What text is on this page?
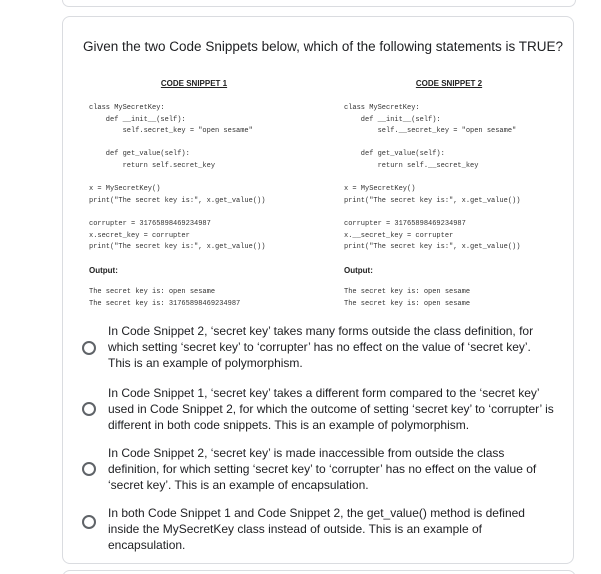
Given the two Code Snippets below, which of the following statements is TRUE?
CODE SNIPPET 1
class MySecretKey:
def __init__(self):
self.secret_key = "open sesame"

def get_value(self):
return self.secret_key

x = MySecretKey()
print("The secret key is:", x.get_value())

corrupter = 31765898469234987
x.secret_key = corrupter
print("The secret key is:", x.get_value())
Output:
The secret key is: open sesame
The secret key is: 31765898469234987
CODE SNIPPET 2
class MySecretKey:
def __init__(self):
self.__secret_key = "open sesame"

def get_value(self):
return self.__secret_key

x = MySecretKey()
print("The secret key is:", x.get_value())

corrupter = 31765898469234987
x.__secret_key = corrupter
print("The secret key is:", x.get_value())
Output:
The secret key is: open sesame
The secret key is: open sesame
In Code Snippet 2, ‘secret key’ takes many forms outside the class definition, for which setting ‘secret key’ to ‘corrupter’ has no effect on the value of ‘secret key’. This is an example of polymorphism.
In Code Snippet 1, ‘secret key’ takes a different form compared to the ‘secret key’ used in Code Snippet 2, for which the outcome of setting ‘secret key’ to ‘corrupter’ is different in both code snippets. This is an example of polymorphism.
In Code Snippet 2, ‘secret key’ is made inaccessible from outside the class definition, for which setting ‘secret key’ to ‘corrupter’ has no effect on the value of ‘secret key’. This is an example of encapsulation.
In both Code Snippet 1 and Code Snippet 2, the get_value() method is defined inside the MySecretKey class instead of outside. This is an example of encapsulation.
